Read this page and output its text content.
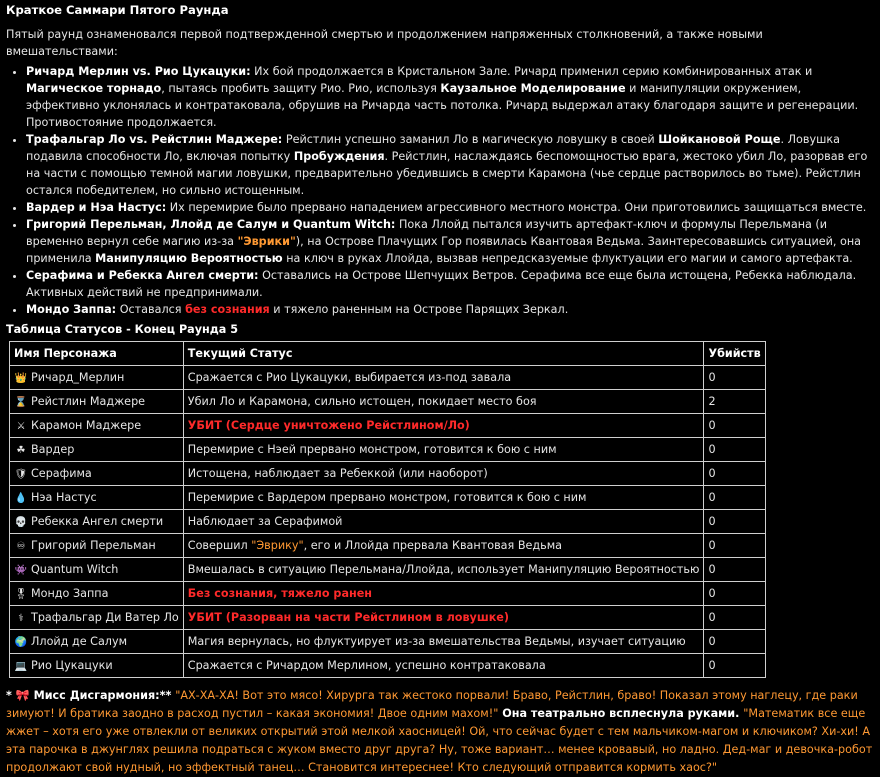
Краткое Саммари Пятого Раунда

Пятый раунд ознаменовался первой подтвержденной смертью и продолжением напряженных столкновений, а также новыми вмешательствами:

• Ричард Мерлин vs. Рио Цукацуки: Их бой продолжается в Кристальном Зале. Ричард применил серию комбинированных атак и Магическое торнадо, пытаясь пробить защиту Рио. Рио, используя Каузальное Моделирование и манипуляции окружением, эффективно уклонялась и контратаковала, обрушив на Ричарда часть потолка. Ричард выдержал атаку благодаря защите и регенерации. Противостояние продолжается.
• Трафальгар Ло vs. Рейстлин Маджере: Рейстлин успешно заманил Ло в магическую ловушку в своей Шойкановой Роще. Ловушка подавила способности Ло, включая попытку Пробуждения. Рейстлин, наслаждаясь беспомощностью врага, жестоко убил Ло, разорвав его на части с помощью темной магии ловушки, предварительно убедившись в смерти Карамона (чье сердце растворилось во тьме). Рейстлин остался победителем, но сильно истощенным.
• Вардер и Нэа Настус: Их перемирие было прервано нападением агрессивного местного монстра. Они приготовились защищаться вместе.
• Григорий Перельман, Ллойд де Салум и Quantum Witch: Пока Ллойд пытался изучить артефакт-ключ и формулы Перельмана (и временно вернул себе магию из-за "Эврики"), на Острове Плачущих Гор появилась Квантовая Ведьма. Заинтересовавшись ситуацией, она применила Манипуляцию Вероятностью на ключ в руках Ллойда, вызвав непредсказуемые флуктуации его магии и самого артефакта.
• Серафима и Ребекка Ангел смерти: Оставались на Острове Шепчущих Ветров. Серафима все еще была истощена, Ребекка наблюдала. Активных действий не предпринимали.
• Мондо Заппа: Оставался без сознания и тяжело раненным на Острове Парящих Зеркал.
Таблица Статусов - Конец Раунда 5
Имя Персонажа	Текущий Статус	Убийств
👑 Ричард_Мерлин	Сражается с Рио Цукацуки, выбирается из-под завала	0
⌛ Рейстлин Маджере	Убил Ло и Карамона, сильно истощен, покидает место боя	2
⚔ Карамон Маджере	УБИТ (Сердце уничтожено Рейстлином/Ло)	0
☘ Вардер	Перемирие с Нэей прервано монстром, готовится к бою с ним	0
🛡 Серафима	Истощена, наблюдает за Ребеккой (или наоборот)	0
💧 Нэа Настус	Перемирие с Вардером прервано монстром, готовится к бою с ним	0
💀 Ребекка Ангел смерти	Наблюдает за Серафимой	0
♾ Григорий Перельман	Совершил "Эврику", его и Ллойда прервала Квантовая Ведьма	0
👾 Quantum Witch	Вмешалась в ситуацию Перельмана/Ллойда, использует Манипуляцию Вероятностью	0
🎖 Мондо Заппа	Без сознания, тяжело ранен	0
⚕ Трафальгар Ди Ватер Ло	УБИТ (Разорван на части Рейстлином в ловушке)	0
🌍 Ллойд де Салум	Магия вернулась, но флуктуирует из-за вмешательства Ведьмы, изучает ситуацию	0
💻 Рио Цукацуки	Сражается с Ричардом Мерлином, успешно контратаковала	0

* 🎀 Мисс Дисгармония:** "АХ-ХА-ХА! Вот это мясо! Хирурга так жестоко порвали! Браво, Рейстлин, браво! Показал этому наглецу, где раки зимуют! И братика заодно в расход пустил – какая экономия! Двое одним махом!" Она театрально всплеснула руками. "Математик все еще жжет – хотя его уже отвлекли от великих открытий этой мелкой хаосницей! Ой, что сейчас будет с тем мальчиком-магом и ключиком? Хи-хи! А эта парочка в джунглях решила подраться с жуком вместо друг друга? Ну, тоже вариант… менее кровавый, но ладно. Дед-маг и девочка-робот продолжают свой нудный, но эффектный танец… Становится интереснее! Кто следующий отправится кормить хаос?"
